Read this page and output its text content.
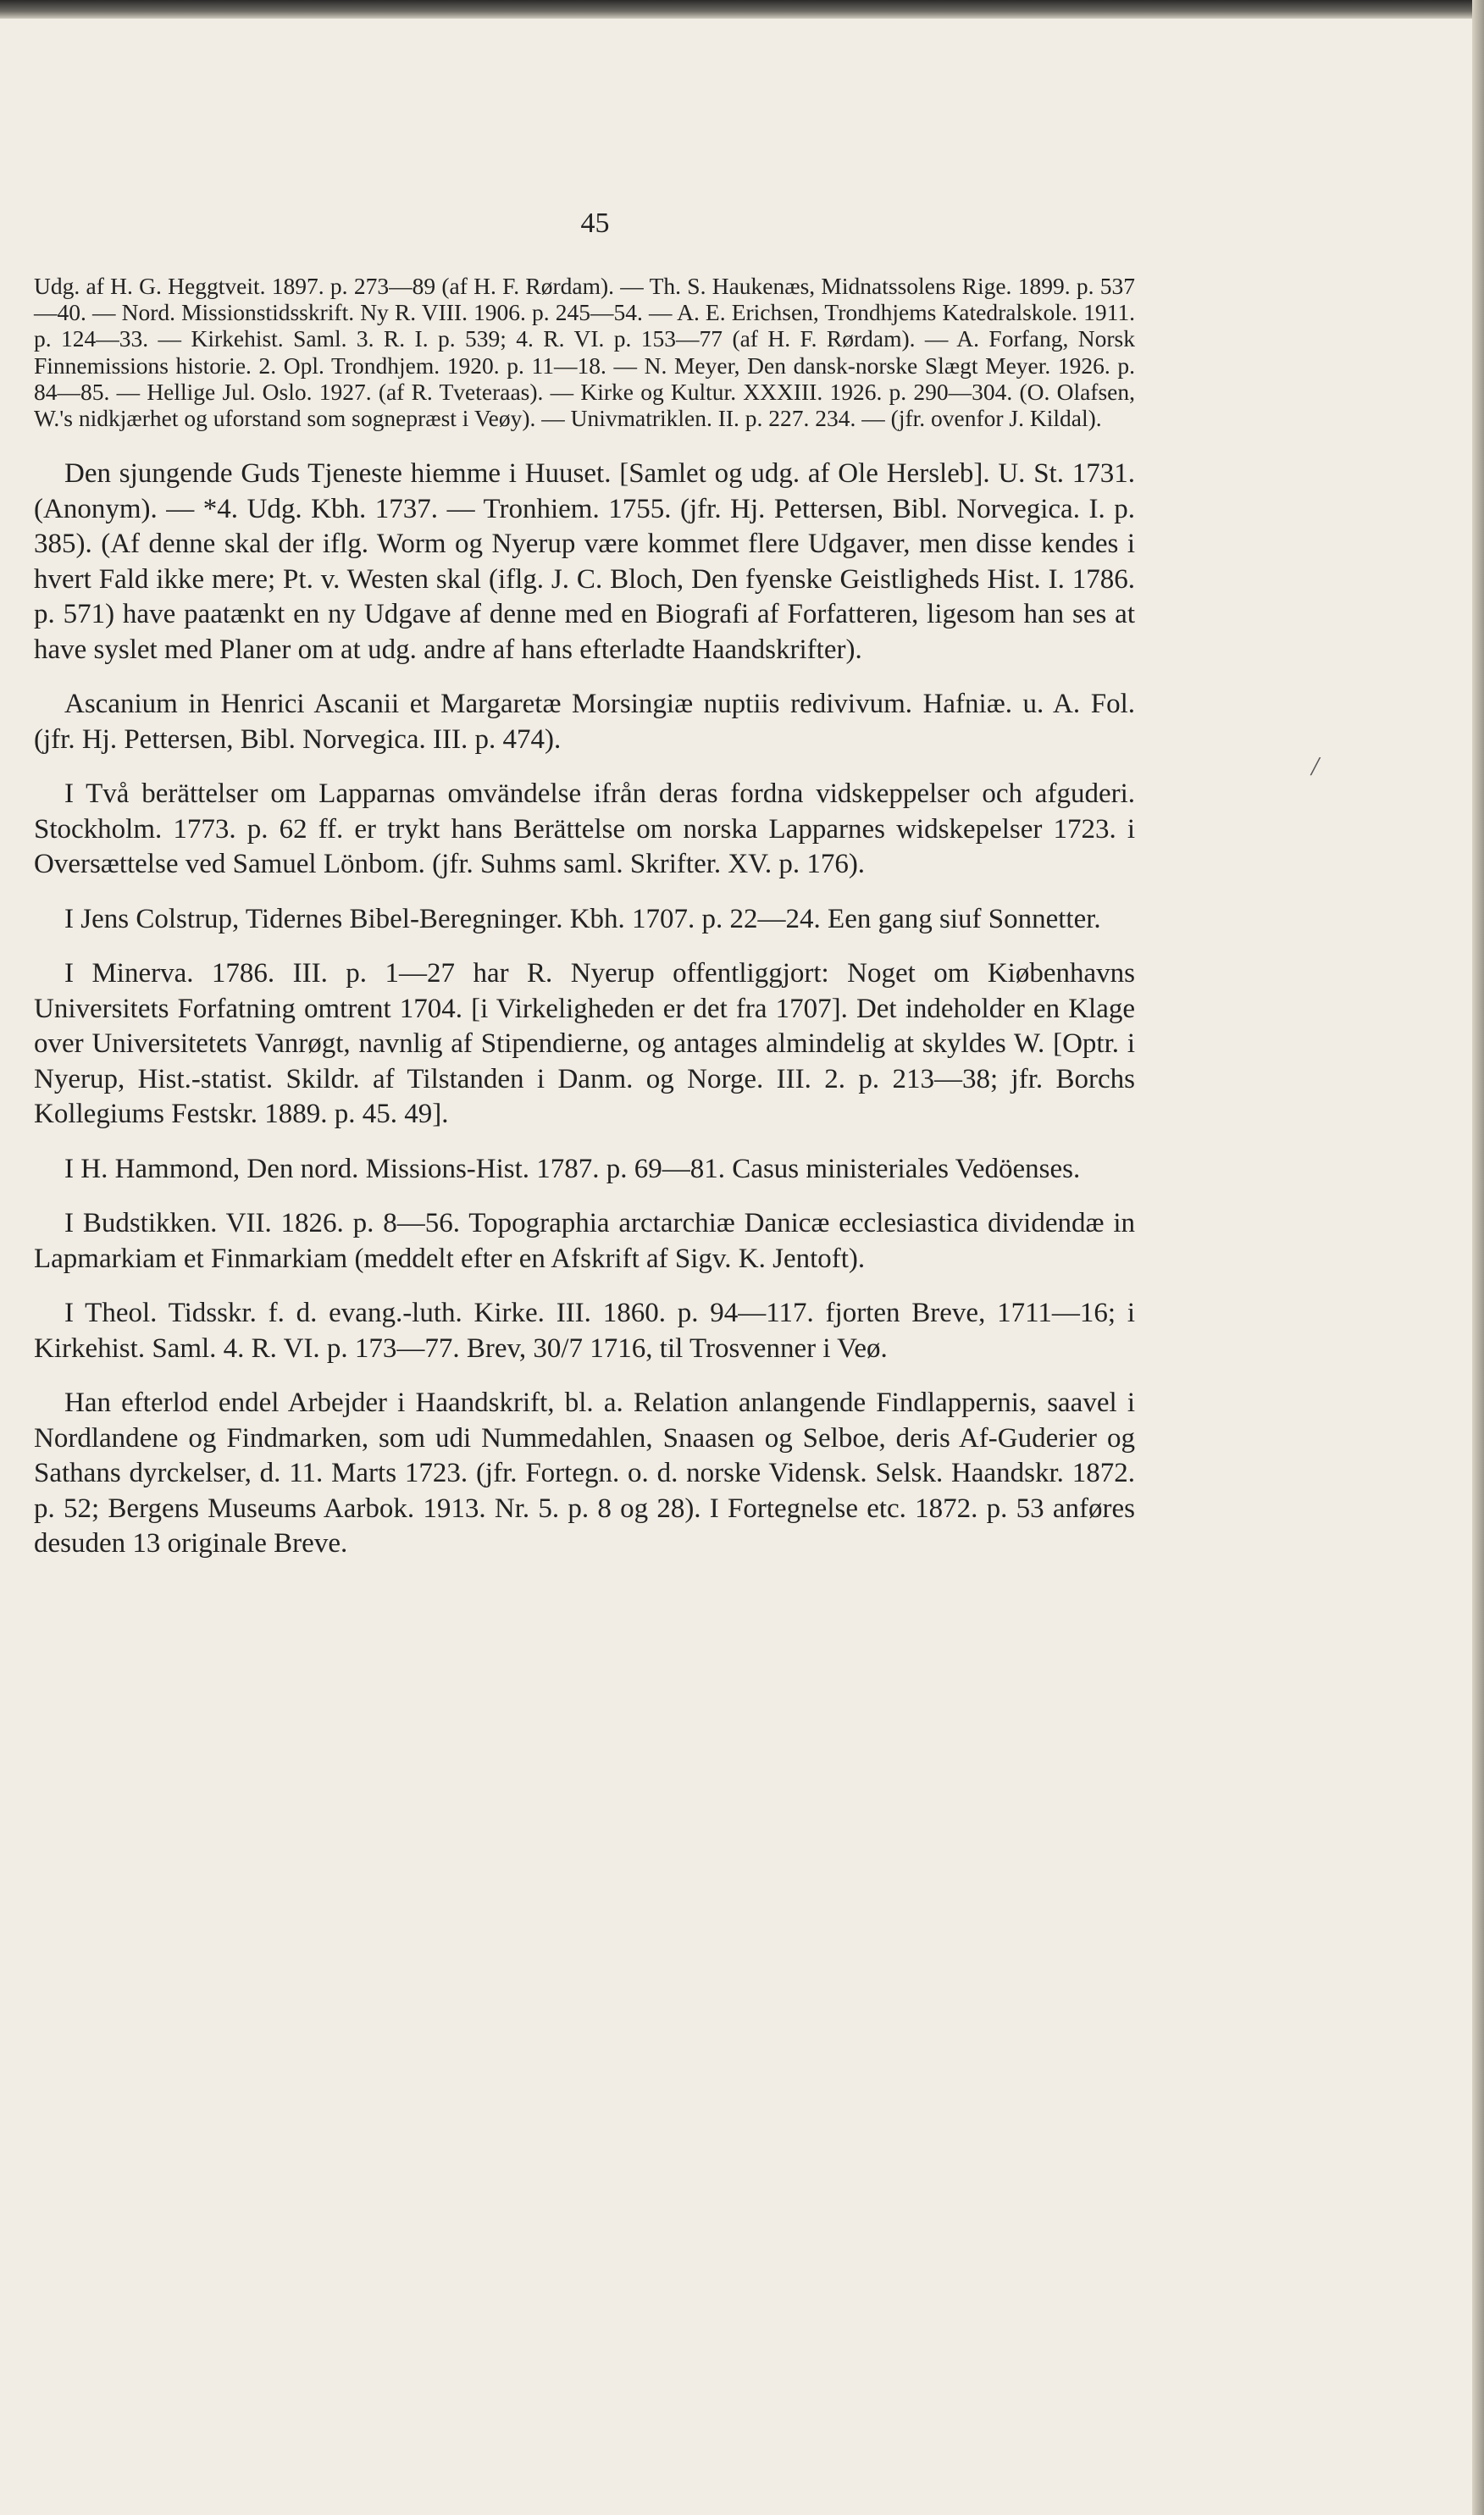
45

Udg. af H. G. Heggtveit. 1897. p. 273—89 (af H. F. Rørdam). — Th. S. Haukenæs, Midnatssolens Rige. 1899. p. 537—40. — Nord. Missionstidsskrift. Ny R. VIII. 1906. p. 245—54. — A. E. Erichsen, Trondhjems Katedralskole. 1911. p. 124—33. — Kirkehist. Saml. 3. R. I. p. 539; 4. R. VI. p. 153—77 (af H. F. Rørdam). — A. Forfang, Norsk Finnemissions historie. 2. Opl. Trondhjem. 1920. p. 11—18. — N. Meyer, Den dansk-norske Slægt Meyer. 1926. p. 84—85. — Hellige Jul. Oslo. 1927. (af R. Tveteraas). — Kirke og Kultur. XXXIII. 1926. p. 290—304. (O. Olafsen, W.'s nidkjærhet og uforstand som sognepræst i Veøy). — Univmatriklen. II. p. 227. 234. — (jfr. ovenfor J. Kildal).

Den sjungende Guds Tjeneste hiemme i Huuset. [Samlet og udg. af Ole Hersleb]. U. St. 1731. (Anonym). — *4. Udg. Kbh. 1737. — Tronhiem. 1755. (jfr. Hj. Pettersen, Bibl. Norvegica. I. p. 385). (Af denne skal der iflg. Worm og Nyerup være kommet flere Udgaver, men disse kendes i hvert Fald ikke mere; Pt. v. Westen skal (iflg. J. C. Bloch, Den fyenske Geistligheds Hist. I. 1786. p. 571) have paatænkt en ny Udgave af denne med en Biografi af Forfatteren, ligesom han ses at have syslet med Planer om at udg. andre af hans efterladte Haandskrifter).

Ascanium in Henrici Ascanii et Margaretæ Morsingiæ nuptiis redivivum. Hafniæ. u. A. Fol. (jfr. Hj. Pettersen, Bibl. Norvegica. III. p. 474).

I Två berättelser om Lapparnas omvändelse ifrån deras fordna vidskeppelser och afguderi. Stockholm. 1773. p. 62 ff. er trykt hans Berättelse om norska Lapparnes widskepelser 1723. i Oversættelse ved Samuel Lönbom. (jfr. Suhms saml. Skrifter. XV. p. 176).

I Jens Colstrup, Tidernes Bibel-Beregninger. Kbh. 1707. p. 22—24. Een gang siuf Sonnetter.

I Minerva. 1786. III. p. 1—27 har R. Nyerup offentliggjort: Noget om Kiøbenhavns Universitets Forfatning omtrent 1704. [i Virkeligheden er det fra 1707]. Det indeholder en Klage over Universitetets Vanrøgt, navnlig af Stipendierne, og antages almindelig at skyldes W. [Optr. i Nyerup, Hist.-statist. Skildr. af Tilstanden i Danm. og Norge. III. 2. p. 213—38; jfr. Borchs Kollegiums Festskr. 1889. p. 45. 49].

I H. Hammond, Den nord. Missions-Hist. 1787. p. 69—81. Casus ministeriales Vedöenses.

I Budstikken. VII. 1826. p. 8—56. Topographia arctarchiæ Danicæ ecclesiastica dividendæ in Lapmarkiam et Finmarkiam (meddelt efter en Afskrift af Sigv. K. Jentoft).

I Theol. Tidsskr. f. d. evang.-luth. Kirke. III. 1860. p. 94—117. fjorten Breve, 1711—16; i Kirkehist. Saml. 4. R. VI. p. 173—77. Brev, 30/7 1716, til Trosvenner i Veø.

Han efterlod endel Arbejder i Haandskrift, bl. a. Relation anlangende Findlappernis, saavel i Nordlandene og Findmarken, som udi Nummedahlen, Snaasen og Selboe, deris Af-Guderier og Sathans dyrckelser, d. 11. Marts 1723. (jfr. Fortegn. o. d. norske Vidensk. Selsk. Haandskr. 1872. p. 52; Bergens Museums Aarbok. 1913. Nr. 5. p. 8 og 28). I Fortegnelse etc. 1872. p. 53 anføres desuden 13 originale Breve.

/
